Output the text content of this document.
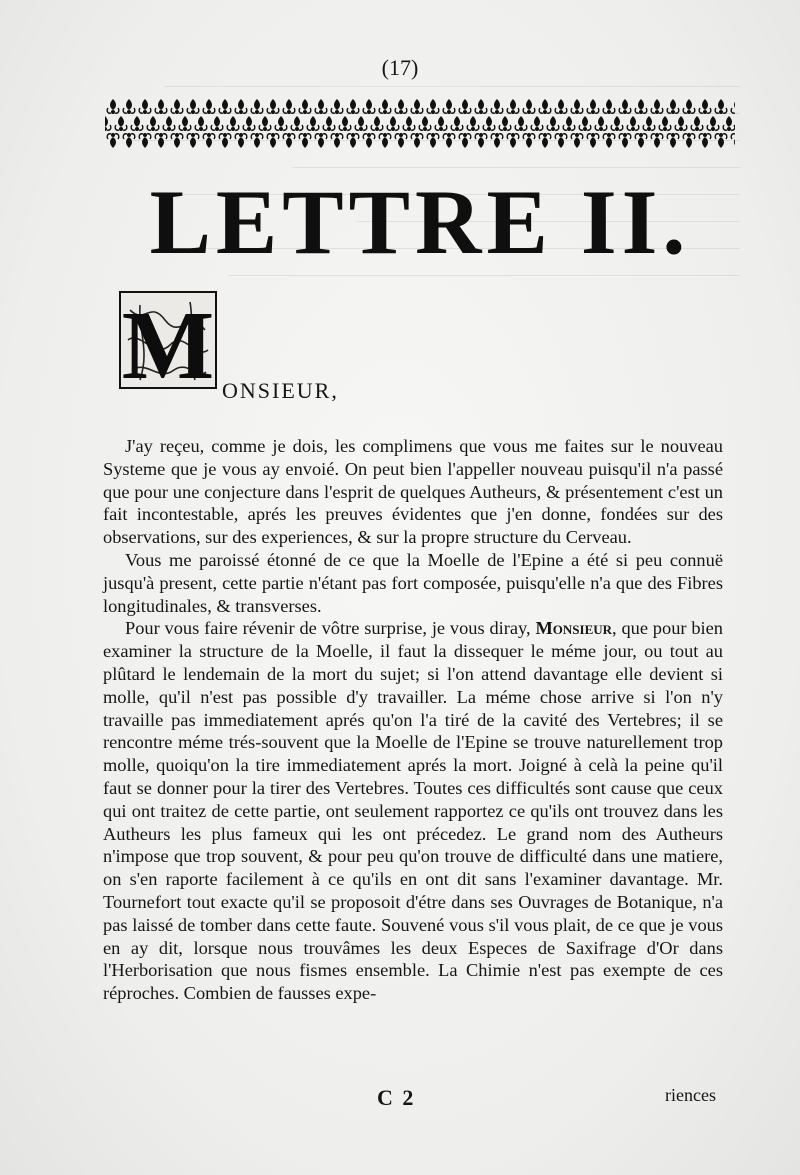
(17)
LETTRE II.
M ONSIEUR,

J'ay reçeu, comme je dois, les complimens que vous me faites sur le nouveau Systeme que je vous ay envoié. On peut bien l'appeller nouveau puisqu'il n'a passé que pour une conjecture dans l'esprit de quelques Autheurs, & présentement c'est un fait incontestable, aprés les preuves évidentes que j'en donne, fondées sur des observations, sur des experiences, & sur la propre structure du Cerveau.

Vous me paroissé étonné de ce que la Moelle de l'Epine a été si peu connuë jusqu'à present, cette partie n'étant pas fort composée, puisqu'elle n'a que des Fibres longitudinales, & transverses.

Pour vous faire révenir de vôtre surprise, je vous diray, Monsieur, que pour bien examiner la structure de la Moelle, il faut la dissequer le méme jour, ou tout au plûtard le lendemain de la mort du sujet; si l'on attend davantage elle devient si molle, qu'il n'est pas possible d'y travailler. La méme chose arrive si l'on n'y travaille pas immediatement aprés qu'on l'a tiré de la cavité des Vertebres; il se rencontre méme trés-souvent que la Moelle de l'Epine se trouve naturellement trop molle, quoiqu'on la tire immediatement aprés la mort. Joigné à celà la peine qu'il faut se donner pour la tirer des Vertebres. Toutes ces difficultés sont cause que ceux qui ont traitez de cette partie, ont seulement rapportez ce qu'ils ont trouvez dans les Autheurs les plus fameux qui les ont précedez. Le grand nom des Autheurs n'impose que trop souvent, & pour peu qu'on trouve de difficulté dans une matiere, on s'en raporte facilement à ce qu'ils en ont dit sans l'examiner davantage. Mr. Tournefort tout exacte qu'il se proposoit d'étre dans ses Ouvrages de Botanique, n'a pas laissé de tomber dans cette faute. Souvené vous s'il vous plait, de ce que je vous en ay dit, lorsque nous trouvâmes les deux Especes de Saxifrage d'Or dans l'Herborisation que nous fismes ensemble. La Chimie n'est pas exempte de ces réproches. Combien de fausses expe-

C 2	riences
